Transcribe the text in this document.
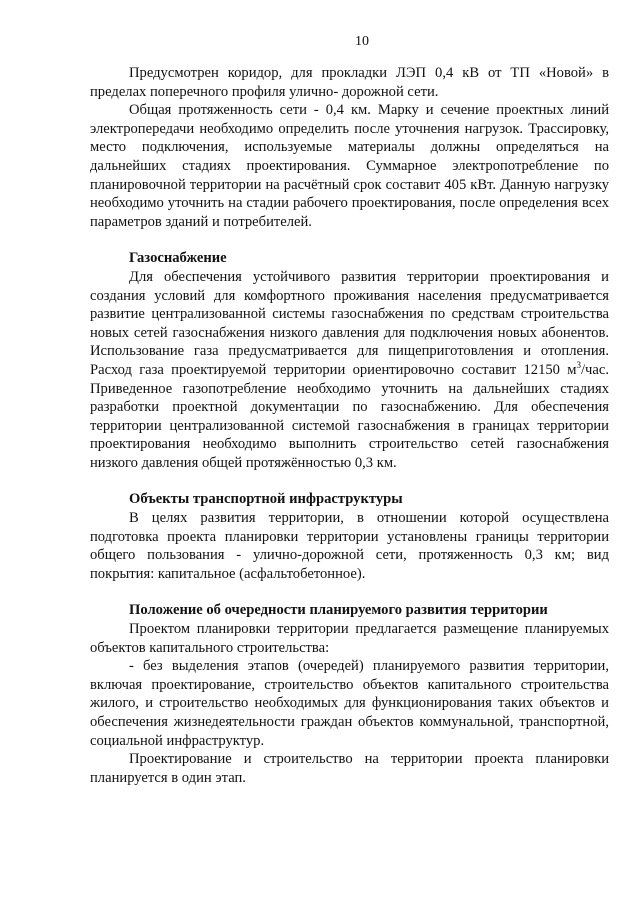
10

Предусмотрен коридор, для прокладки ЛЭП 0,4 кВ от ТП «Новой» в пределах поперечного профиля улично- дорожной сети.

Общая протяженность сети - 0,4 км. Марку и сечение проектных линий электропередачи необходимо определить после уточнения нагрузок. Трассировку, место подключения, используемые материалы должны определяться на дальнейших стадиях проектирования. Суммарное электропотребление по планировочной территории на расчётный срок составит 405 кВт. Данную нагрузку необходимо уточнить на стадии рабочего проектирования, после определения всех параметров зданий и потребителей.

Газоснабжение

Для обеспечения устойчивого развития территории проектирования и создания условий для комфортного проживания населения предусматривается развитие централизованной системы газоснабжения по средствам строительства новых сетей газоснабжения низкого давления для подключения новых абонентов. Использование газа предусматривается для пищеприготовления и отопления. Расход газа проектируемой территории ориентировочно составит 12150 $м^3$/час. Приведенное газопотребление необходимо уточнить на дальнейших стадиях разработки проектной документации по газоснабжению. Для обеспечения территории централизованной системой газоснабжения в границах территории проектирования необходимо выполнить строительство сетей газоснабжения низкого давления общей протяжённостью 0,3 км.

Объекты транспортной инфраструктуры

В целях развития территории, в отношении которой осуществлена подготовка проекта планировки территории установлены границы территории общего пользования - улично-дорожной сети, протяженность 0,3 км; вид покрытия: капитальное (асфальтобетонное).

Положение об очередности планируемого развития территории

Проектом планировки территории предлагается размещение планируемых объектов капитального строительства:

- без выделения этапов (очередей) планируемого развития территории, включая проектирование, строительство объектов капитального строительства жилого, и строительство необходимых для функционирования таких объектов и обеспечения жизнедеятельности граждан объектов коммунальной, транспортной, социальной инфраструктур.

Проектирование и строительство на территории проекта планировки планируется в один этап.
